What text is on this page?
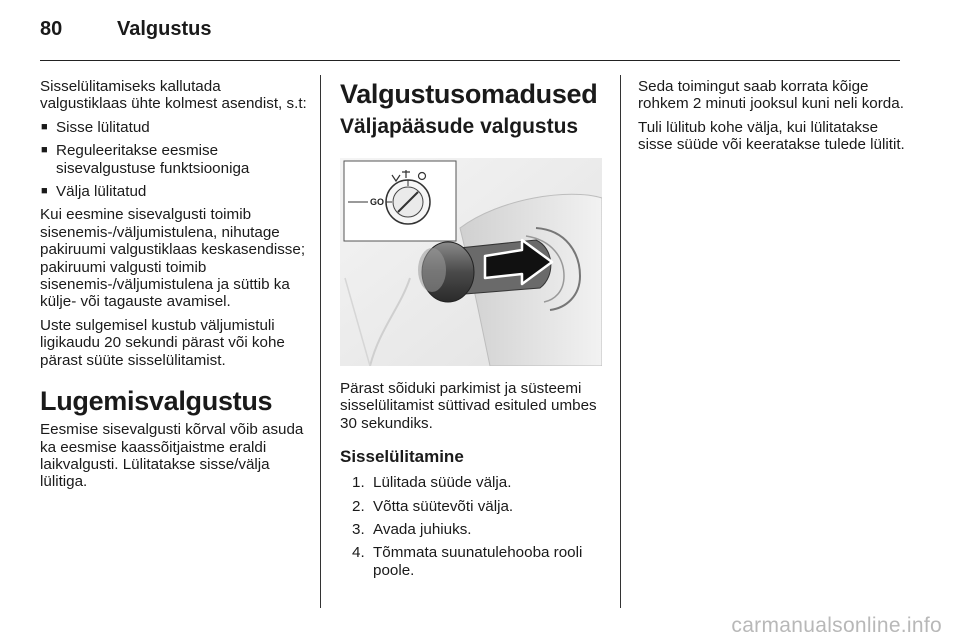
80	Valgustus

Sisselülitamiseks kallutada valgustiklaas ühte kolmest asendist, s.t:

■ Sisse lülitatud
■ Reguleeritakse eesmise sisevalgustuse funktsiooniga
■ Välja lülitatud

Kui eesmine sisevalgusti toimib sisenemis-/väljumistulena, nihutage pakiruumi valgustiklaas keskasendisse; pakiruumi valgusti toimib sisenemis-/väljumistulena ja süttib ka külje- või tagauste avamisel.

Uste sulgemisel kustub väljumistuli ligikaudu 20 sekundi pärast või kohe pärast süüte sisselülitamist.

Lugemisvalgustus

Eesmise sisevalgusti kõrval võib asuda ka eesmise kaassõitjaistme eraldi laikvalgusti. Lülitatakse sisse/välja lülitiga.

Valgustusomadused
Väljapääsude valgustus
GO

Pärast sõiduki parkimist ja süsteemi sisselülitamist süttivad esituled umbes 30 sekundiks.

Sisselülitamine
1. Lülitada süüde välja.
2. Võtta süütevõti välja.
3. Avada juhiuks.
4. Tõmmata suunatulehooba rooli poole.

Seda toimingut saab korrata kõige rohkem 2 minuti jooksul kuni neli korda.

Tuli lülitub kohe välja, kui lülitatakse sisse süüde või keeratakse tulede lülitit.

carmanualsonline.info
